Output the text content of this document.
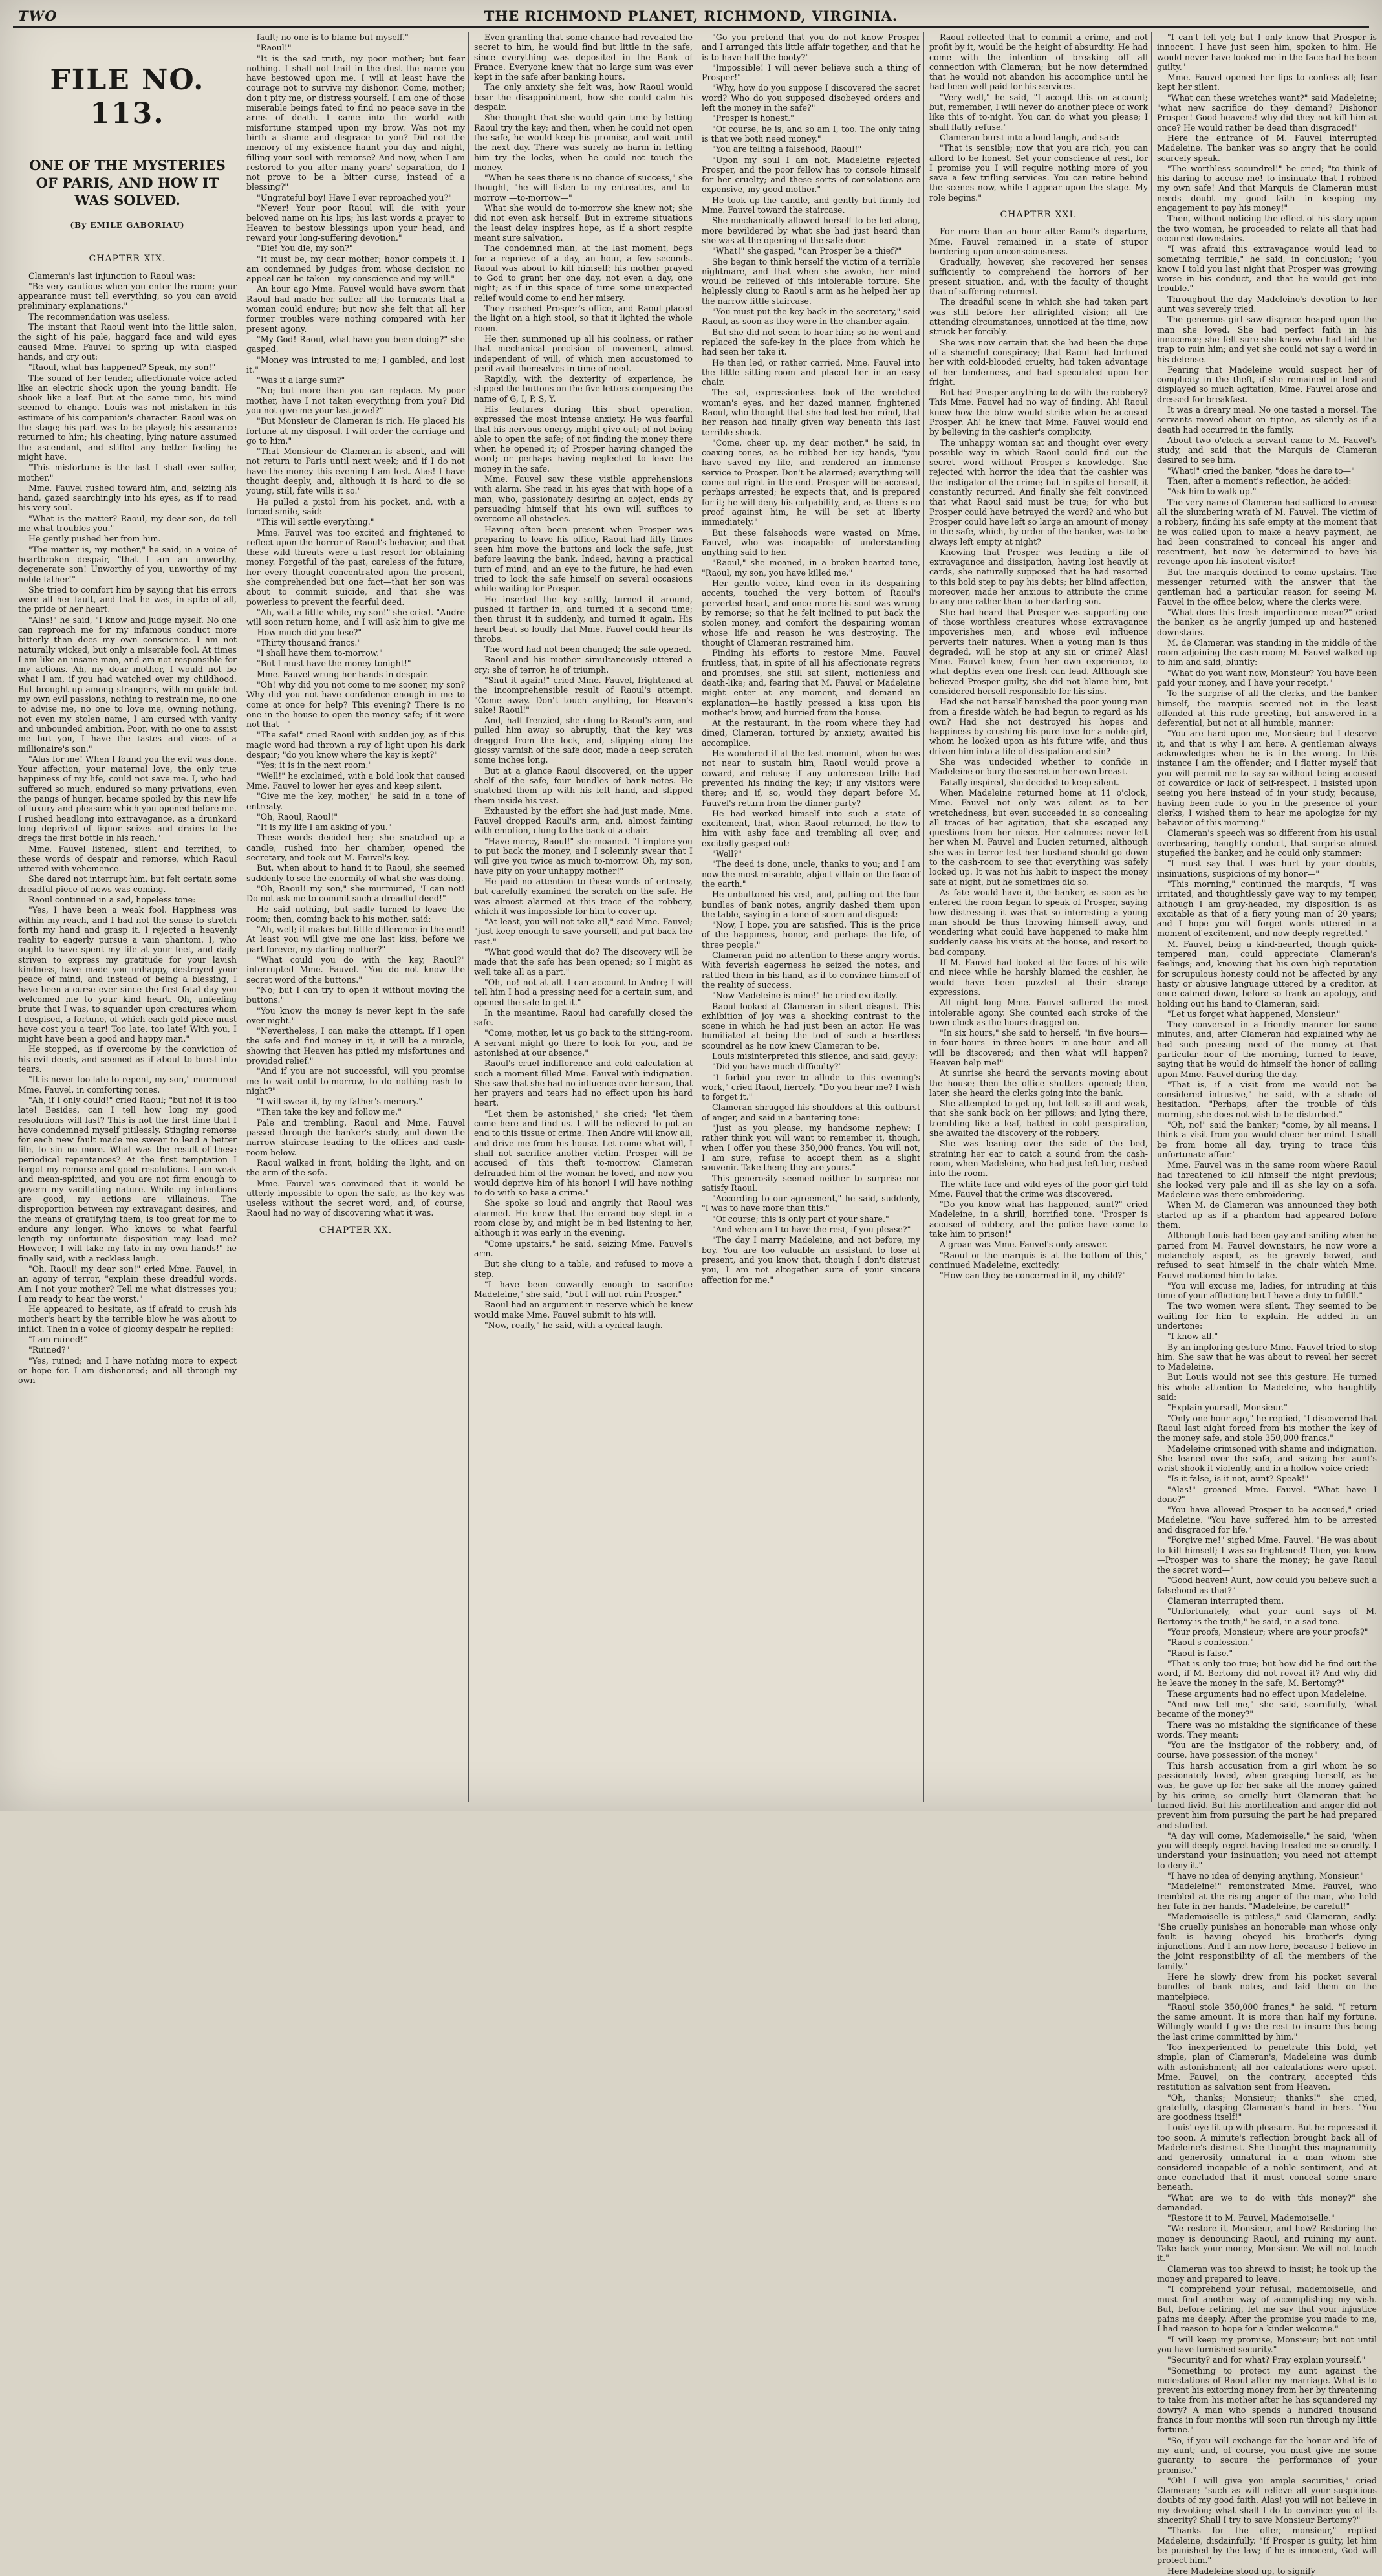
TWO	THE RICHMOND PLANET, RICHMOND, VIRGINIA.
FILE NO. 113.
ONE OF THE MYSTERIES OF PARIS, AND HOW IT WAS SOLVED.
(By EMILE GABORIAU)
CHAPTER XIX.

Clameran's last injunction to Raoul was:

"Be very cautious when you enter the room; your appearance must tell everything, so you can avoid preliminary explanations."

The recommendation was useless.

The instant that Raoul went into the little salon, the sight of his pale, haggard face and wild eyes caused Mme. Fauvel to spring up with clasped hands, and cry out:

"Raoul, what has happened? Speak, my son!"

The sound of her tender, affectionate voice acted like an electric shock upon the young bandit. He shook like a leaf. But at the same time, his mind seemed to change. Louis was not mistaken in his estimate of his companion's character. Raoul was on the stage; his part was to be played; his assurance returned to him; his cheating, lying nature assumed the ascendant, and stifled any better feeling he might have.

"This misfortune is the last I shall ever suffer, mother."

Mme. Fauvel rushed toward him, and, seizing his hand, gazed searchingly into his eyes, as if to read his very soul.

"What is the matter? Raoul, my dear son, do tell me what troubles you."

He gently pushed her from him.

"The matter is, my mother," he said, in a voice of heartbroken despair, "that I am an unworthy, degenerate son! Unworthy of you, unworthy of my noble father!"

She tried to comfort him by saying that his errors were all her fault, and that he was, in spite of all, the pride of her heart.

"Alas!" he said, "I know and judge myself. No one can reproach me for my infamous conduct more bitterly than does my own conscience. I am not naturally wicked, but only a miserable fool. At times I am like an insane man, and am not responsible for my actions. Ah, my dear mother, I would not be what I am, if you had watched over my childhood. But brought up among strangers, with no guide but my own evil passions, nothing to restrain me, no one to advise me, no one to love me, owning nothing, not even my stolen name, I am cursed with vanity and unbounded ambition. Poor, with no one to assist me but you, I have the tastes and vices of a millionaire's son."

"Alas for me! When I found you the evil was done. Your affection, your maternal love, the only true happiness of my life, could not save me. I, who had suffered so much, endured so many privations, even the pangs of hunger, became spoiled by this new life of luxury and pleasure which you opened before me. I rushed headlong into extravagance, as a drunkard long deprived of liquor seizes and drains to the dregs the first bottle in his reach."

Mme. Fauvel listened, silent and terrified, to these words of despair and remorse, which Raoul uttered with vehemence.

She dared not interrupt him, but felt certain some dreadful piece of news was coming.

Raoul continued in a sad, hopeless tone:

"Yes, I have been a weak fool. Happiness was within my reach, and I had not the sense to stretch forth my hand and grasp it. I rejected a heavenly reality to eagerly pursue a vain phantom. I, who ought to have spent my life at your feet, and daily striven to express my gratitude for your lavish kindness, have made you unhappy, destroyed your peace of mind, and instead of being a blessing, I have been a curse ever since the first fatal day you welcomed me to your kind heart. Oh, unfeeling brute that I was, to squander upon creatures whom I despised, a fortune, of which each gold piece must have cost you a tear! Too late, too late! With you, I might have been a good and happy man."

He stopped, as if overcome by the conviction of his evil deeds, and seemed as if about to burst into tears.

"It is never too late to repent, my son," murmured Mme. Fauvel, in comforting tones.

"Ah, if I only could!" cried Raoul; "but no! it is too late! Besides, can I tell how long my good resolutions will last? This is not the first time that I have condemned myself pitilessly. Stinging remorse for each new fault made me swear to lead a better life, to sin no more. What was the result of these periodical repentances? At the first temptation I forgot my remorse and good resolutions. I am weak and mean-spirited, and you are not firm enough to govern my vacillating nature. While my intentions are good, my actions are villainous. The disproportion between my extravagant desires, and the means of gratifying them, is too great for me to endure any longer. Who knows to what fearful length my unfortunate disposition may lead me? However, I will take my fate in my own hands!" he finally said, with a reckless laugh.

"Oh, Raoul! my dear son!" cried Mme. Fauvel, in an agony of terror, "explain these dreadful words. Am I not your mother? Tell me what distresses you; I am ready to hear the worst."

He appeared to hesitate, as if afraid to crush his mother's heart by the terrible blow he was about to inflict. Then in a voice of gloomy despair he replied:

"I am ruined!"

"Ruined?"

"Yes, ruined; and I have nothing more to expect or hope for. I am dishonored; and all through my own

fault; no one is to blame but myself."

"Raoul!"

"It is the sad truth, my poor mother; but fear nothing. I shall not trail in the dust the name you have bestowed upon me. I will at least have the courage not to survive my dishonor. Come, mother; don't pity me, or distress yourself. I am one of those miserable beings fated to find no peace save in the arms of death. I came into the world with misfortune stamped upon my brow. Was not my birth a shame and disgrace to you? Did not the memory of my existence haunt you day and night, filling your soul with remorse? And now, when I am restored to you after many years' separation, do I not prove to be a bitter curse, instead of a blessing?"

"Ungrateful boy! Have I ever reproached you?"

"Never! Your poor Raoul will die with your beloved name on his lips; his last words a prayer to Heaven to bestow blessings upon your head, and reward your long-suffering devotion."

"Die! You die, my son?"

"It must be, my dear mother; honor compels it. I am condemned by judges from whose decision no appeal can be taken—my conscience and my will."

An hour ago Mme. Fauvel would have sworn that Raoul had made her suffer all the torments that a woman could endure; but now she felt that all her former troubles were nothing compared with her present agony.

"My God! Raoul, what have you been doing?" she gasped.

"Money was intrusted to me; I gambled, and lost it."

"Was it a large sum?"

"No; but more than you can replace. My poor mother, have I not taken everything from you? Did you not give me your last jewel?"

"But Monsieur de Clameran is rich. He placed his fortune at my disposal. I will order the carriage and go to him."

"That Monsieur de Clameran is absent, and will not return to Paris until next week; and if I do not have the money this evening I am lost. Alas! I have thought deeply, and, although it is hard to die so young, still, fate wills it so."

He pulled a pistol from his pocket, and, with a forced smile, said:

"This will settle everything."

Mme. Fauvel was too excited and frightened to reflect upon the horror of Raoul's behavior, and that these wild threats were a last resort for obtaining money. Forgetful of the past, careless of the future, her every thought concentrated upon the present, she comprehended but one fact—that her son was about to commit suicide, and that she was powerless to prevent the fearful deed.

"Ah, wait a little while, my son!" she cried. "Andre will soon return home, and I will ask him to give me— How much did you lose?"

"Thirty thousand francs."

"I shall have them to-morrow."

"But I must have the money tonight!"

Mme. Fauvel wrung her hands in despair.

"Oh! why did you not come to me sooner, my son? Why did you not have confidence enough in me to come at once for help? This evening? There is no one in the house to open the money safe; if it were not that—"

"The safe!" cried Raoul with sudden joy, as if this magic word had thrown a ray of light upon his dark despair; "do you know where the key is kept?"

"Yes; it is in the next room."

"Well!" he exclaimed, with a bold look that caused Mme. Fauvel to lower her eyes and keep silent.

"Give me the key, mother," he said in a tone of entreaty.

"Oh, Raoul, Raoul!"

"It is my life I am asking of you."

These words decided her; she snatched up a candle, rushed into her chamber, opened the secretary, and took out M. Fauvel's key.

But, when about to hand it to Raoul, she seemed suddenly to see the enormity of what she was doing.

"Oh, Raoul! my son," she murmured, "I can not! Do not ask me to commit such a dreadful deed!"

He said nothing, but sadly turned to leave the room; then, coming back to his mother, said:

"Ah, well; it makes but little difference in the end! At least you will give me one last kiss, before we part forever, my darling mother?"

"What could you do with the key, Raoul?" interrupted Mme. Fauvel. "You do not know the secret word of the buttons."

"No; but I can try to open it without moving the buttons."

"You know the money is never kept in the safe over night."

"Nevertheless, I can make the attempt. If I open the safe and find money in it, it will be a miracle, showing that Heaven has pitied my misfortunes and provided relief."

"And if you are not successful, will you promise me to wait until to-morrow, to do nothing rash to-night?"

"I will swear it, by my father's memory."

"Then take the key and follow me."

Pale and trembling, Raoul and Mme. Fauvel passed through the banker's study, and down the narrow staircase leading to the offices and cash-room below.

Raoul walked in front, holding the light, and on the arm of the sofa.

Mme. Fauvel was convinced that it would be utterly impossible to open the safe, as the key was useless without the secret word, and, of course, Raoul had no way of discovering what it was.

CHAPTER XX.

Even granting that some chance had revealed the secret to him, he would find but little in the safe, since everything was deposited in the Bank of France. Everyone knew that no large sum was ever kept in the safe after banking hours.

The only anxiety she felt was, how Raoul would bear the disappointment, how she could calm his despair.

She thought that she would gain time by letting Raoul try the key; and then, when he could not open the safe, he would keep his promise, and wait until the next day. There was surely no harm in letting him try the locks, when he could not touch the money.

"When he sees there is no chance of success," she thought, "he will listen to my entreaties, and to-morrow —to-morrow—"

What she would do to-morrow she knew not; she did not even ask herself. But in extreme situations the least delay inspires hope, as if a short respite meant sure salvation.

The condemned man, at the last moment, begs for a reprieve of a day, an hour, a few seconds. Raoul was about to kill himself; his mother prayed to God to grant her one day, not even a day, one night; as if in this space of time some unexpected relief would come to end her misery.

They reached Prosper's office, and Raoul placed the light on a high stool, so that it lighted the whole room.

He then summoned up all his coolness, or rather that mechanical precision of movement, almost independent of will, of which men accustomed to peril avail themselves in time of need.

Rapidly, with the dexterity of experience, he slipped the buttons on the five letters composing the name of G, I, P, S, Y.

His features during this short operation, expressed the most intense anxiety. He was fearful that his nervous energy might give out; of not being able to open the safe; of not finding the money there when he opened it; of Prosper having changed the word; or perhaps having neglected to leave the money in the safe.

Mme. Fauvel saw these visible apprehensions with alarm. She read in his eyes that with hope of a man, who, passionately desiring an object, ends by persuading himself that his own will suffices to overcome all obstacles.

Having often been present when Prosper was preparing to leave his office, Raoul had fifty times seen him move the buttons and lock the safe, just before leaving the bank. Indeed, having a practical turn of mind, and an eye to the future, he had even tried to lock the safe himself on several occasions while waiting for Prosper.

He inserted the key softly, turned it around, pushed it farther in, and turned it a second time; then thrust it in suddenly, and turned it again. His heart beat so loudly that Mme. Fauvel could hear its throbs.

The word had not been changed; the safe opened.

Raoul and his mother simultaneously uttered a cry; she of terror; he of triumph.

"Shut it again!" cried Mme. Fauvel, frightened at the incomprehensible result of Raoul's attempt. "Come away. Don't touch anything, for Heaven's sake! Raoul!"

And, half frenzied, she clung to Raoul's arm, and pulled him away so abruptly, that the key was dragged from the lock, and, slipping along the glossy varnish of the safe door, made a deep scratch some inches long.

But at a glance Raoul discovered, on the upper shelf of the safe, four bundles of bank notes. He snatched them up with his left hand, and slipped them inside his vest.

Exhausted by the effort she had just made, Mme. Fauvel dropped Raoul's arm, and, almost fainting with emotion, clung to the back of a chair.

"Have mercy, Raoul!" she moaned. "I implore you to put back the money, and I solemnly swear that I will give you twice as much to-morrow. Oh, my son, have pity on your unhappy mother!"

He paid no attention to these words of entreaty, but carefully examined the scratch on the safe. He was almost alarmed at this trace of the robbery, which it was impossible for him to cover up.

"At least, you will not take all," said Mme. Fauvel; "just keep enough to save yourself, and put back the rest."

"What good would that do? The discovery will be made that the safe has been opened; so I might as well take all as a part."

"Oh, no! not at all. I can account to Andre; I will tell him I had a pressing need for a certain sum, and opened the safe to get it."

In the meantime, Raoul had carefully closed the safe.

"Come, mother, let us go back to the sitting-room. A servant might go there to look for you, and be astonished at our absence."

Raoul's cruel indifference and cold calculation at such a moment filled Mme. Fauvel with indignation. She saw that she had no influence over her son, that her prayers and tears had no effect upon his hard heart.

"Let them be astonished," she cried; "let them come here and find us. I will be relieved to put an end to this tissue of crime. Then Andre will know all, and drive me from his house. Let come what will, I shall not sacrifice another victim. Prosper will be accused of this theft to-morrow. Clameran defrauded him of the woman he loved, and now you would deprive him of his honor! I will have nothing to do with so base a crime."

She spoke so loud and angrily that Raoul was alarmed. He knew that the errand boy slept in a room close by, and might be in bed listening to her, although it was early in the evening.

"Come upstairs," he said, seizing Mme. Fauvel's arm.

But she clung to a table, and refused to move a step.

"I have been cowardly enough to sacrifice Madeleine," she said, "but I will not ruin Prosper."

Raoul had an argument in reserve which he knew would make Mme. Fauvel submit to his will.

"Now, really," he said, with a cynical laugh.

"Go you pretend that you do not know Prosper and I arranged this little affair together, and that he is to have half the booty?"

"Impossible! I will never believe such a thing of Prosper!"

"Why, how do you suppose I discovered the secret word? Who do you supposed disobeyed orders and left the money in the safe?"

"Prosper is honest."

"Of course, he is, and so am I, too. The only thing is that we both need money."

"You are telling a falsehood, Raoul!"

"Upon my soul I am not. Madeleine rejected Prosper, and the poor fellow has to console himself for her cruelty; and these sorts of consolations are expensive, my good mother."

He took up the candle, and gently but firmly led Mme. Fauvel toward the staircase.

She mechanically allowed herself to be led along, more bewildered by what she had just heard than she was at the opening of the safe door.

"What!" she gasped, "can Prosper be a thief?"

She began to think herself the victim of a terrible nightmare, and that when she awoke, her mind would be relieved of this intolerable torture. She helplessly clung to Raoul's arm as he helped her up the narrow little staircase.

"You must put the key back in the secretary," said Raoul, as soon as they were in the chamber again.

But she did not seem to hear him; so he went and replaced the safe-key in the place from which he had seen her take it.

He then led, or rather carried, Mme. Fauvel into the little sitting-room and placed her in an easy chair.

The set, expressionless look of the wretched woman's eyes, and her dazed manner, frightened Raoul, who thought that she had lost her mind, that her reason had finally given way beneath this last terrible shock.

"Come, cheer up, my dear mother," he said, in coaxing tones, as he rubbed her icy hands, "you have saved my life, and rendered an immense service to Prosper. Don't be alarmed; everything will come out right in the end. Prosper will be accused, perhaps arrested; he expects that, and is prepared for it; he will deny his culpability, and, as there is no proof against him, he will be set at liberty immediately."

But these falsehoods were wasted on Mme. Fauvel, who was incapable of understanding anything said to her.

"Raoul," she moaned, in a broken-hearted tone, "Raoul, my son, you have killed me."

Her gentle voice, kind even in its despairing accents, touched the very bottom of Raoul's perverted heart, and once more his soul was wrung by remorse; so that he felt inclined to put back the stolen money, and comfort the despairing woman whose life and reason he was destroying. The thought of Clameran restrained him.

Finding his efforts to restore Mme. Fauvel fruitless, that, in spite of all his affectionate regrets and promises, she still sat silent, motionless and death-like; and, fearing that M. Fauvel or Madeleine might enter at any moment, and demand an explanation—he hastily pressed a kiss upon his mother's brow, and hurried from the house.

At the restaurant, in the room where they had dined, Clameran, tortured by anxiety, awaited his accomplice.

He wondered if at the last moment, when he was not near to sustain him, Raoul would prove a coward, and refuse; if any unforeseen trifle had prevented his finding the key; if any visitors were there; and if, so, would they depart before M. Fauvel's return from the dinner party?

He had worked himself into such a state of excitement, that, when Raoul returned, he flew to him with ashy face and trembling all over, and excitedly gasped out:

"Well?"

"The deed is done, uncle, thanks to you; and I am now the most miserable, abject villain on the face of the earth."

He unbuttoned his vest, and, pulling out the four bundles of bank notes, angrily dashed them upon the table, saying in a tone of scorn and disgust:

"Now, I hope, you are satisfied. This is the price of the happiness, honor, and perhaps the life, of three people."

Clameran paid no attention to these angry words. With feverish eagerness he seized the notes, and rattled them in his hand, as if to convince himself of the reality of success.

"Now Madeleine is mine!" he cried excitedly.

Raoul looked at Clameran in silent disgust. This exhibition of joy was a shocking contrast to the scene in which he had just been an actor. He was humiliated at being the tool of such a heartless scoundrel as he now knew Clameran to be.

Louis misinterpreted this silence, and said, gayly:

"Did you have much difficulty?"

"I forbid you ever to allude to this evening's work," cried Raoul, fiercely. "Do you hear me? I wish to forget it."

Clameran shrugged his shoulders at this outburst of anger, and said in a bantering tone:

"Just as you please, my handsome nephew; I rather think you will want to remember it, though, when I offer you these 350,000 francs. You will not, I am sure, refuse to accept them as a slight souvenir. Take them; they are yours."

This generosity seemed neither to surprise nor satisfy Raoul.

"According to our agreement," he said, suddenly, "I was to have more than this."

"Of course; this is only part of your share."

"And when am I to have the rest, if you please?"

"The day I marry Madeleine, and not before, my boy. You are too valuable an assistant to lose at present, and you know that, though I don't distrust you, I am not altogether sure of your sincere affection for me."

Raoul reflected that to commit a crime, and not profit by it, would be the height of absurdity. He had come with the intention of breaking off all connection with Clameran; but he now determined that he would not abandon his accomplice until he had been well paid for his services.

"Very well," he said, "I accept this on account; but, remember, I will never do another piece of work like this of to-night. You can do what you please; I shall flatly refuse."

Clameran burst into a loud laugh, and said:

"That is sensible; now that you are rich, you can afford to be honest. Set your conscience at rest, for I promise you I will require nothing more of you save a few trifling services. You can retire behind the scenes now, while I appear upon the stage. My role begins."

CHAPTER XXI.

For more than an hour after Raoul's departure, Mme. Fauvel remained in a state of stupor bordering upon unconsciousness.

Gradually, however, she recovered her senses sufficiently to comprehend the horrors of her present situation, and, with the faculty of thought that of suffering returned.

The dreadful scene in which she had taken part was still before her affrighted vision; all the attending circumstances, unnoticed at the time, now struck her forcibly.

She was now certain that she had been the dupe of a shameful conspiracy; that Raoul had tortured her with cold-blooded cruelty, had taken advantage of her tenderness, and had speculated upon her fright.

But had Prosper anything to do with the robbery? This Mme. Fauvel had no way of finding. Ah! Raoul knew how the blow would strike when he accused Prosper. Ah! he knew that Mme. Fauvel would end by believing in the cashier's complicity.

The unhappy woman sat and thought over every possible way in which Raoul could find out the secret word without Prosper's knowledge. She rejected with horror the idea that the cashier was the instigator of the crime; but in spite of herself, it constantly recurred. And finally she felt convinced that what Raoul said must be true; for who but Prosper could have betrayed the word? and who but Prosper could have left so large an amount of money in the safe, which, by order of the banker, was to be always left empty at night?

Knowing that Prosper was leading a life of extravagance and dissipation, having lost heavily at cards, she naturally supposed that he had resorted to this bold step to pay his debts; her blind affection, moreover, made her anxious to attribute the crime to any one rather than to her darling son.

She had heard that Prosper was supporting one of those worthless creatures whose extravagance impoverishes men, and whose evil influence perverts their natures. When a young man is thus degraded, will he stop at any sin or crime? Alas! Mme. Fauvel knew, from her own experience, to what depths even one fresh can lead. Although she believed Prosper guilty, she did not blame him, but considered herself responsible for his sins.

Had she not herself banished the poor young man from a fireside which he had begun to regard as his own? Had she not destroyed his hopes and happiness by crushing his pure love for a noble girl, whom he looked upon as his future wife, and thus driven him into a life of dissipation and sin?

She was undecided whether to confide in Madeleine or bury the secret in her own breast.

Fatally inspired, she decided to keep silent.

When Madeleine returned home at 11 o'clock, Mme. Fauvel not only was silent as to her wretchedness, but even succeeded in so concealing all traces of her agitation, that she escaped any questions from her niece. Her calmness never left her when M. Fauvel and Lucien returned, although she was in terror lest her husband should go down to the cash-room to see that everything was safely locked up. It was not his habit to inspect the money safe at night, but he sometimes did so.

As fate would have it, the banker, as soon as he entered the room began to speak of Prosper, saying how distressing it was that so interesting a young man should be thus throwing himself away, and wondering what could have happened to make him suddenly cease his visits at the house, and resort to bad company.

If M. Fauvel had looked at the faces of his wife and niece while he harshly blamed the cashier, he would have been puzzled at their strange expressions.

All night long Mme. Fauvel suffered the most intolerable agony. She counted each stroke of the town clock as the hours dragged on.

"In six hours," she said to herself, "in five hours—in four hours—in three hours—in one hour—and all will be discovered; and then what will happen? Heaven help me!"

At sunrise she heard the servants moving about the house; then the office shutters opened; then, later, she heard the clerks going into the bank.

She attempted to get up, but felt so ill and weak, that she sank back on her pillows; and lying there, trembling like a leaf, bathed in cold perspiration, she awaited the discovery of the robbery.

She was leaning over the side of the bed, straining her ear to catch a sound from the cash-room, when Madeleine, who had just left her, rushed into the room.

The white face and wild eyes of the poor girl told Mme. Fauvel that the crime was discovered.

"Do you know what has happened, aunt?" cried Madeleine, in a shrill, horrified tone. "Prosper is accused of robbery, and the police have come to take him to prison!"

A groan was Mme. Fauvel's only answer.

"Raoul or the marquis is at the bottom of this," continued Madeleine, excitedly.

"How can they be concerned in it, my child?"

"I can't tell yet; but I only know that Prosper is innocent. I have just seen him, spoken to him. He would never have looked me in the face had he been guilty."

Mme. Fauvel opened her lips to confess all; fear kept her silent.

"What can these wretches want?" said Madeleine; "what new sacrifice do they demand? Dishonor Prosper! Good heavens! why did they not kill him at once? He would rather be dead than disgraced!"

Here the entrance of M. Fauvel interrupted Madeleine. The banker was so angry that he could scarcely speak.

"The worthless scoundrel!" he cried; "to think of his daring to accuse me! to insinuate that I robbed my own safe! And that Marquis de Clameran must needs doubt my good faith in keeping my engagement to pay his money!"

Then, without noticing the effect of his story upon the two women, he proceeded to relate all that had occurred downstairs.

"I was afraid this extravagance would lead to something terrible," he said, in conclusion; "you know I told you last night that Prosper was growing worse in his conduct, and that he would get into trouble."

Throughout the day Madeleine's devotion to her aunt was severely tried.

The generous girl saw disgrace heaped upon the man she loved. She had perfect faith in his innocence; she felt sure she knew who had laid the trap to ruin him; and yet she could not say a word in his defense.

Fearing that Madeleine would suspect her of complicity in the theft, if she remained in bed and displayed so much agitation, Mme. Fauvel arose and dressed for breakfast.

It was a dreary meal. No one tasted a morsel. The servants moved about on tiptoe, as silently as if a death had occurred in the family.

About two o'clock a servant came to M. Fauvel's study, and said that the Marquis de Clameran desired to see him.

"What!" cried the banker, "does he dare to—"

Then, after a moment's reflection, he added:

"Ask him to walk up."

The very name of Clameran had sufficed to arouse all the slumbering wrath of M. Fauvel. The victim of a robbery, finding his safe empty at the moment that he was called upon to make a heavy payment, he had been constrained to conceal his anger and resentment, but now he determined to have his revenge upon his insolent visitor!

But the marquis declined to come upstairs. The messenger returned with the answer that the gentleman had a particular reason for seeing M. Fauvel in the office below, where the clerks were.

"What does this fresh impertinence mean?" cried the banker, as he angrily jumped up and hastened downstairs.

M. de Clameran was standing in the middle of the room adjoining the cash-room; M. Fauvel walked up to him and said, bluntly:

"What do you want now, Monsieur? You have been paid your money, and I have your receipt."

To the surprise of all the clerks, and the banker himself, the marquis seemed not in the least offended at this rude greeting, but answered in a deferential, but not at all humble, manner:

"You are hard upon me, Monsieur; but I deserve it, and that is why I am here. A gentleman always acknowledges when he is in the wrong. In this instance I am the offender; and I flatter myself that you will permit me to say so without being accused of cowardice or lack of self-respect. I insisted upon seeing you here instead of in your study, because, having been rude to you in the presence of your clerks, I wished them to hear me apologize for my behavior of this morning."

Clameran's speech was so different from his usual overbearing, haughty conduct, that surprise almost stupefied the banker, and he could only stammer:

"I must say that I was hurt by your doubts, insinuations, suspicions of my honor—"

"This morning," continued the marquis, "I was irritated, and thoughtlessly gave way to my temper, although I am gray-headed, my disposition is as excitable as that of a fiery young man of 20 years; and I hope you will forget words uttered in a moment of excitement, and now deeply regretted."

M. Fauvel, being a kind-hearted, though quick-tempered man, could appreciate Clameran's feelings; and, knowing that his own high reputation for scrupulous honesty could not be affected by any hasty or abusive language uttered by a creditor, at once calmed down, before so frank an apology, and holding out his hand to Clameran, said:

"Let us forget what happened, Monsieur."

They conversed in a friendly manner for some minutes, and, after Clameran had explained why he had such pressing need of the money at that particular hour of the morning, turned to leave, saying that he would do himself the honor of calling upon Mme. Fauvel during the day.

"That is, if a visit from me would not be considered intrusive," he said, with a shade of hesitation. "Perhaps, after the trouble of this morning, she does not wish to be disturbed."

"Oh, no!" said the banker; "come, by all means. I think a visit from you would cheer her mind. I shall be from home all day, trying to trace this unfortunate affair."

Mme. Fauvel was in the same room where Raoul had threatened to kill himself the night previous; she looked very pale and ill as she lay on a sofa. Madeleine was there embroidering.

When M. de Clameran was announced they both started up as if a phantom had appeared before them.

Although Louis had been gay and smiling when he parted from M. Fauvel downstairs, he now wore a melancholy aspect, as he gravely bowed, and refused to seat himself in the chair which Mme. Fauvel motioned him to take.

"You will excuse me, ladies, for intruding at this time of your affliction; but I have a duty to fulfill."

The two women were silent. They seemed to be waiting for him to explain. He added in an undertone:

"I know all."

By an imploring gesture Mme. Fauvel tried to stop him. She saw that he was about to reveal her secret to Madeleine.

But Louis would not see this gesture. He turned his whole attention to Madeleine, who haughtily said:

"Explain yourself, Monsieur."

"Only one hour ago," he replied, "I discovered that Raoul last night forced from his mother the key of the money safe, and stole 350,000 francs."

Madeleine crimsoned with shame and indignation. She leaned over the sofa, and seizing her aunt's wrist shook it violently, and in a hollow voice cried:

"Is it false, is it not, aunt? Speak!"

"Alas!" groaned Mme. Fauvel. "What have I done?"

"You have allowed Prosper to be accused," cried Madeleine. "You have suffered him to be arrested and disgraced for life."

"Forgive me!" sighed Mme. Fauvel. "He was about to kill himself; I was so frightened! Then, you know—Prosper was to share the money; he gave Raoul the secret word—"

"Good heaven! Aunt, how could you believe such a falsehood as that?"

Clameran interrupted them.

"Unfortunately, what your aunt says of M. Bertomy is the truth," he said, in a sad tone.

"Your proofs, Monsieur; where are your proofs?"

"Raoul's confession."

"Raoul is false."

"That is only too true; but how did he find out the word, if M. Bertomy did not reveal it? And why did he leave the money in the safe, M. Bertomy?"

These arguments had no effect upon Madeleine.

"And now tell me," she said, scornfully, "what became of the money?"

There was no mistaking the significance of these words. They meant:

"You are the instigator of the robbery, and, of course, have possession of the money."

This harsh accusation from a girl whom he so passionately loved, when grasping herself, as he was, he gave up for her sake all the money gained by his crime, so cruelly hurt Clameran that he turned livid. But his mortification and anger did not prevent him from pursuing the part he had prepared and studied.

"A day will come, Mademoiselle," he said, "when you will deeply regret having treated me so cruelly. I understand your insinuation; you need not attempt to deny it."

"I have no idea of denying anything, Monsieur."

"Madeleine!" remonstrated Mme. Fauvel, who trembled at the rising anger of the man, who held her fate in her hands. "Madeleine, be careful!"

"Mademoiselle is pitiless," said Clameran, sadly. "She cruelly punishes an honorable man whose only fault is having obeyed his brother's dying injunctions. And I am now here, because I believe in the joint responsibility of all the members of the family."

Here he slowly drew from his pocket several bundles of bank notes, and laid them on the mantelpiece.

"Raoul stole 350,000 francs," he said. "I return the same amount. It is more than half my fortune. Willingly would I give the rest to insure this being the last crime committed by him."

Too inexperienced to penetrate this bold, yet simple, plan of Clameran's, Madeleine was dumb with astonishment; all her calculations were upset. Mme. Fauvel, on the contrary, accepted this restitution as salvation sent from Heaven.

"Oh, thanks; Monsieur; thanks!" she cried, gratefully, clasping Clameran's hand in hers. "You are goodness itself!"

Louis' eye lit up with pleasure. But he repressed it too soon. A minute's reflection brought back all of Madeleine's distrust. She thought this magnanimity and generosity unnatural in a man whom she considered incapable of a noble sentiment, and at once concluded that it must conceal some snare beneath.

"What are we to do with this money?" she demanded.

"Restore it to M. Fauvel, Mademoiselle."

"We restore it, Monsieur, and how? Restoring the money is denouncing Raoul, and ruining my aunt. Take back your money, Monsieur. We will not touch it."

Clameran was too shrewd to insist; he took up the money and prepared to leave.

"I comprehend your refusal, mademoiselle, and must find another way of accomplishing my wish. But, before retiring, let me say that your injustice pains me deeply. After the promise you made to me, I had reason to hope for a kinder welcome."

"I will keep my promise, Monsieur; but not until you have furnished security."

"Security? and for what? Pray explain yourself."

"Something to protect my aunt against the molestations of Raoul after my marriage. What is to prevent his extorting money from her by threatening to take from his mother after he has squandered my dowry? A man who spends a hundred thousand francs in four months will soon run through my little fortune."

"So, if you will exchange for the honor and life of my aunt; and, of course, you must give me some guaranty to secure the performance of your promise."

"Oh! I will give you ample securities," cried Clameran; "such as will relieve all your suspicious doubts of my good faith. Alas! you will not believe in my devotion; what shall I do to convince you of its sincerity? Shall I try to save Monsieur Bertomy?"

"Thanks for the offer, monsieur," replied Madeleine, disdainfully. "If Prosper is guilty, let him be punished by the law; if he is innocent, God will protect him."

Here Madeleine stood up, to signify
